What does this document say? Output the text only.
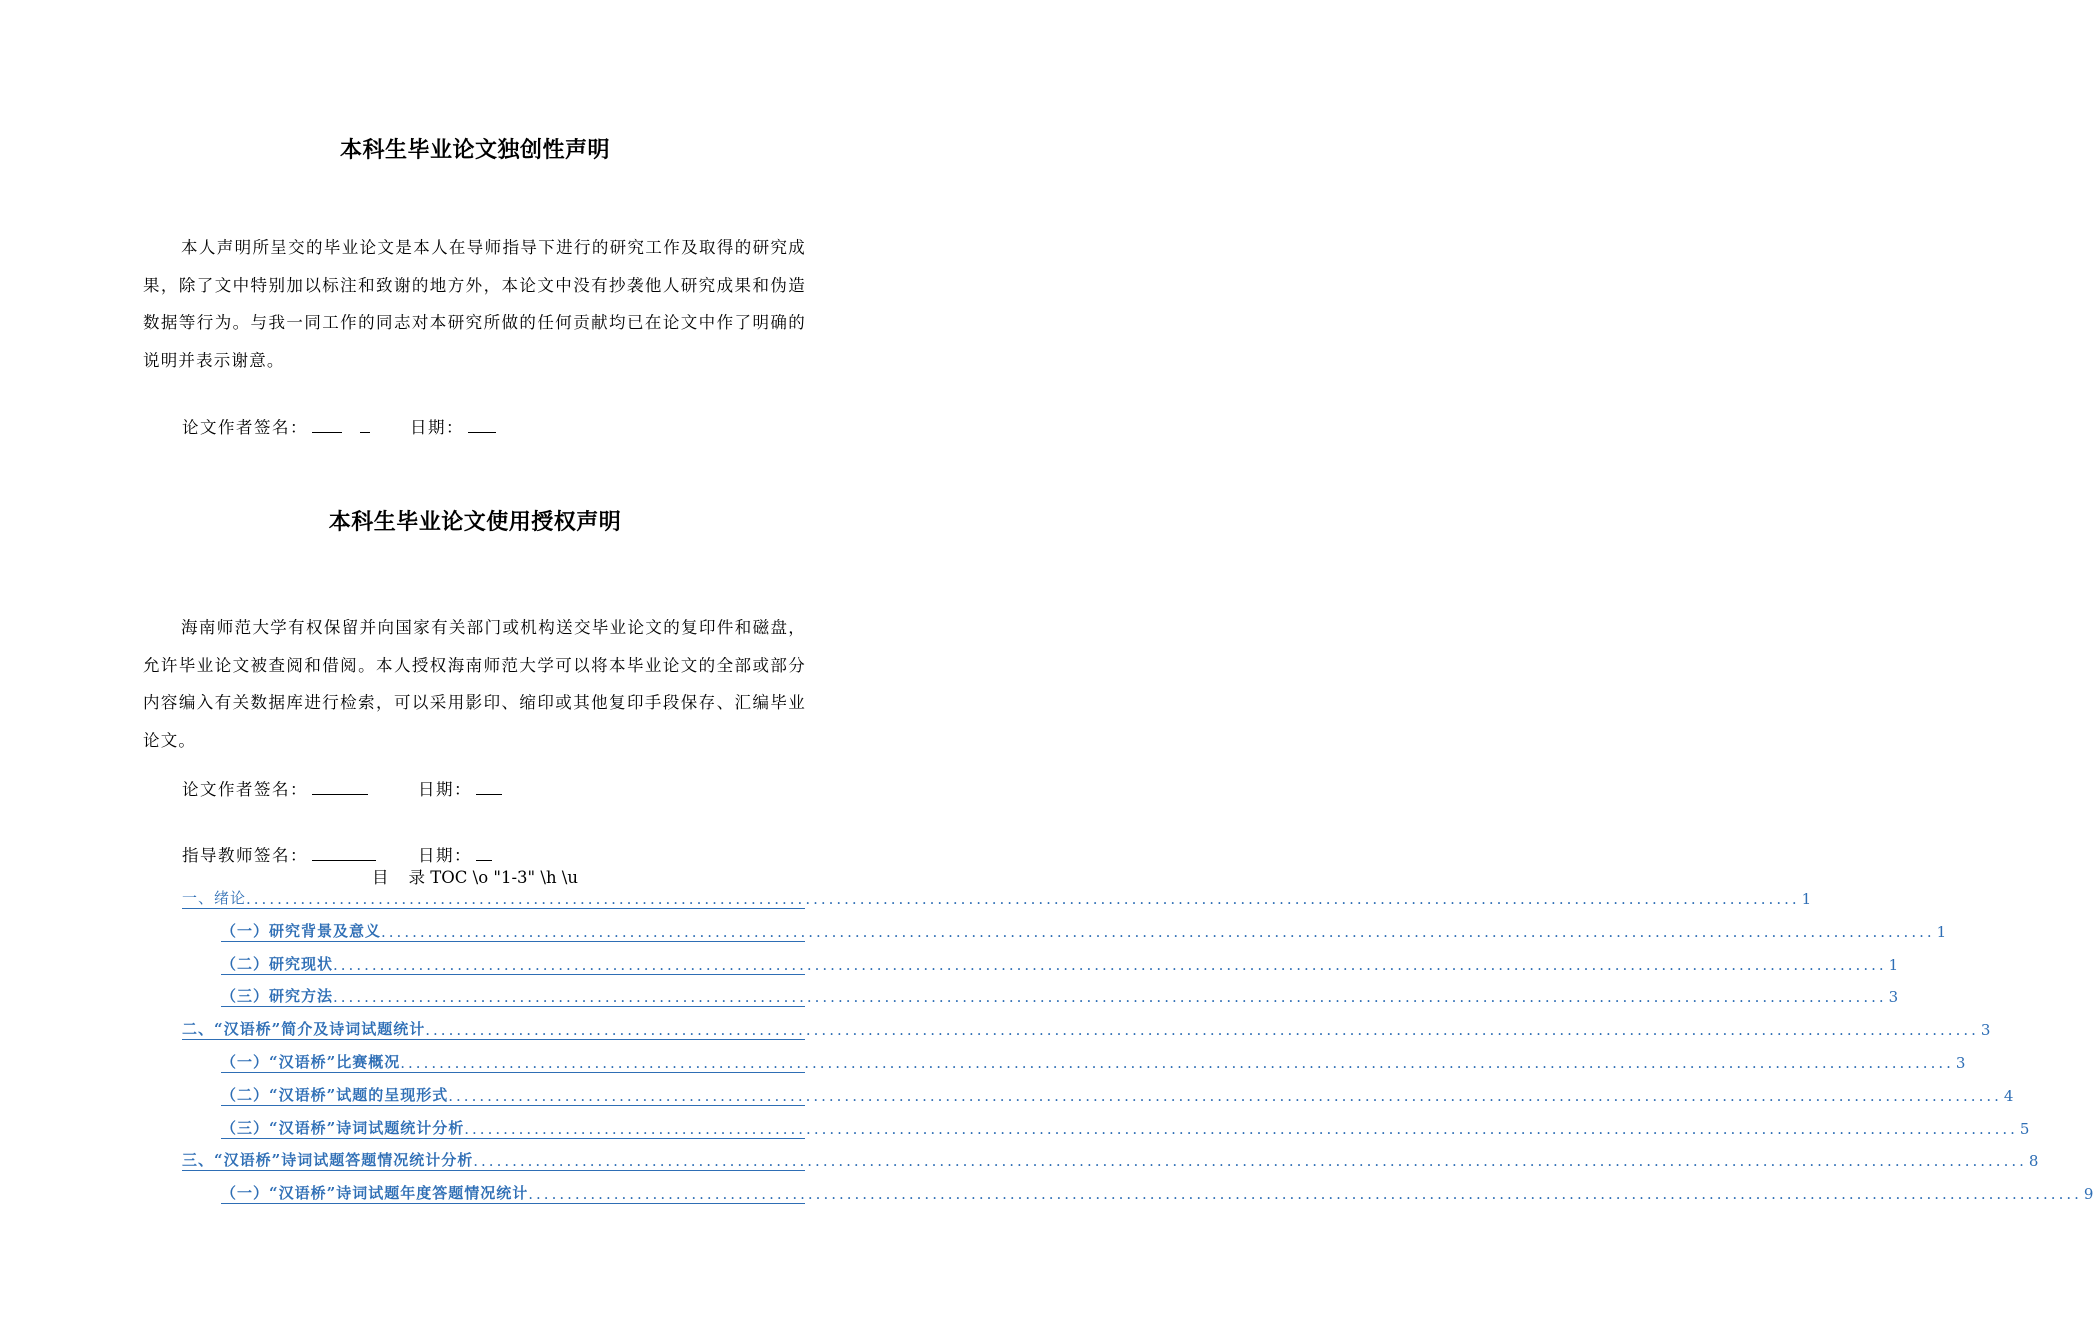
本科生毕业论文独创性声明
本人声明所呈交的毕业论文是本人在导师指导下进行的研究工作及取得的研究成果，除了文中特别加以标注和致谢的地方外，本论文中没有抄袭他人研究成果和伪造数据等行为。与我一同工作的同志对本研究所做的任何贡献均已在论文中作了明确的说明并表示谢意。
论文作者签名：	日期：
本科生毕业论文使用授权声明
海南师范大学有权保留并向国家有关部门或机构送交毕业论文的复印件和磁盘，允许毕业论文被查阅和借阅。本人授权海南师范大学可以将本毕业论文的全部或部分内容编入有关数据库进行检索，可以采用影印、缩印或其他复印手段保存、汇编毕业论文。
论文作者签名：	日期：
指导教师签名：	日期：
目 录 TOC \o "1-3" \h \u
一、绪论 ........................................................................................................................................................................................................ 1
（一）研究背景及意义 ........................................................................................................................................................................................................ 1
（二）研究现状 ........................................................................................................................................................................................................ 1
（三）研究方法 ........................................................................................................................................................................................................ 3
二、“汉语桥”简介及诗词试题统计 ........................................................................................................................................................................................................ 3
（一）“汉语桥”比赛概况 ........................................................................................................................................................................................................ 3
（二）“汉语桥”试题的呈现形式 ........................................................................................................................................................................................................ 4
（三）“汉语桥”诗词试题统计分析 ........................................................................................................................................................................................................ 5
三、“汉语桥”诗词试题答题情况统计分析 ........................................................................................................................................................................................................ 8
（一）“汉语桥”诗词试题年度答题情况统计 ........................................................................................................................................................................................................ 9
